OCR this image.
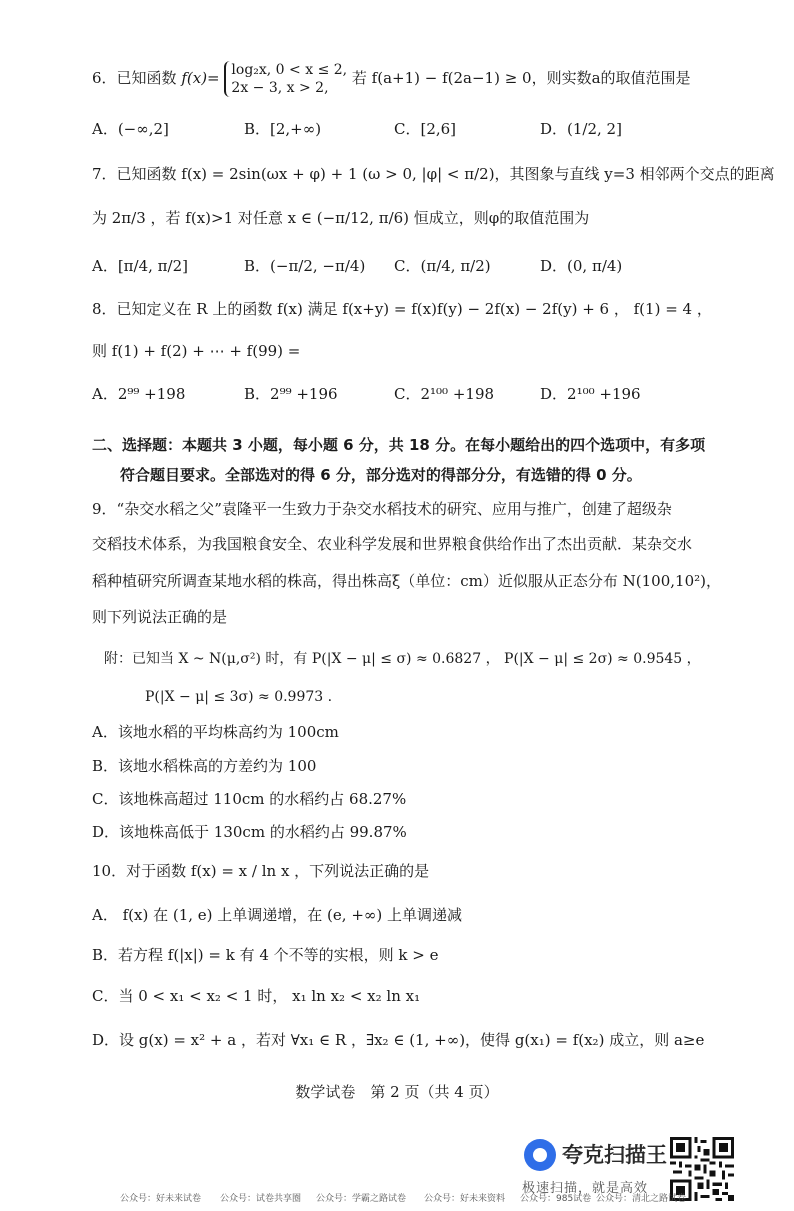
6．已知函数 f(x)= log₂x, 0 < x ≤ 2,
2x − 3, x > 2,
若 f(a+1) − f(2a−1) ≥ 0，则实数a的取值范围是
A．(−∞,2]	B．[2,+∞)	C．[2,6]	D．(1/2, 2]
7．已知函数 f(x) = 2sin(ωx + φ) + 1 (ω > 0, |φ| < π/2)，其图象与直线 y=3 相邻两个交点的距离
为 2π/3 ，若 f(x)>1 对任意 x ∈ (−π/12, π/6) 恒成立，则φ的取值范围为
A．[π/4, π/2]	B．(−π/2, −π/4) C．(π/4, π/2)	D．(0, π/4)
8．已知定义在 R 上的函数 f(x) 满足 f(x+y) = f(x)f(y) − 2f(x) − 2f(y) + 6 ， f(1) = 4 ，
则 f(1) + f(2) + ⋯ + f(99) =
A．2⁹⁹ +198	B．2⁹⁹ +196	C．2¹⁰⁰ +198	D．2¹⁰⁰ +196
二、选择题：本题共 3 小题，每小题 6 分，共 18 分。在每小题给出的四个选项中，有多项
符合题目要求。全部选对的得 6 分，部分选对的得部分分，有选错的得 0 分。
9．“杂交水稻之父”袁隆平一生致力于杂交水稻技术的研究、应用与推广，创建了超级杂
交稻技术体系，为我国粮食安全、农业科学发展和世界粮食供给作出了杰出贡献．某杂交水
稻种植研究所调查某地水稻的株高，得出株高ξ（单位：cm）近似服从正态分布 N(100,10²)，
则下列说法正确的是
附：已知当 X ~ N(μ,σ²) 时，有 P(|X − μ| ≤ σ) ≈ 0.6827 ， P(|X − μ| ≤ 2σ) ≈ 0.9545 ，
P(|X − μ| ≤ 3σ) ≈ 0.9973 .
A．该地水稻的平均株高约为 100cm
B．该地水稻株高的方差约为 100
C．该地株高超过 110cm 的水稻约占 68.27%
D．该地株高低于 130cm 的水稻约占 99.87%
10．对于函数 f(x) = x / ln x ，下列说法正确的是
A． f(x) 在 (1, e) 上单调递增，在 (e, +∞) 上单调递减
B．若方程 f(|x|) = k 有 4 个不等的实根，则 k > e
C．当 0 < x₁ < x₂ < 1 时， x₁ ln x₂ < x₂ ln x₁
D．设 g(x) = x² + a ，若对 ∀x₁ ∈ R ，∃x₂ ∈ (1, +∞)，使得 g(x₁) = f(x₂) 成立，则 a≥e
数学试卷　第 2 页（共 4 页）
夸克扫描王
极速扫描，就是高效
公众号：好未来试卷 公众号：试卷共享圈 公众号：学霸之路试卷 公众号：好未来资料 公众号：985试卷 公众号：清北之路试卷
